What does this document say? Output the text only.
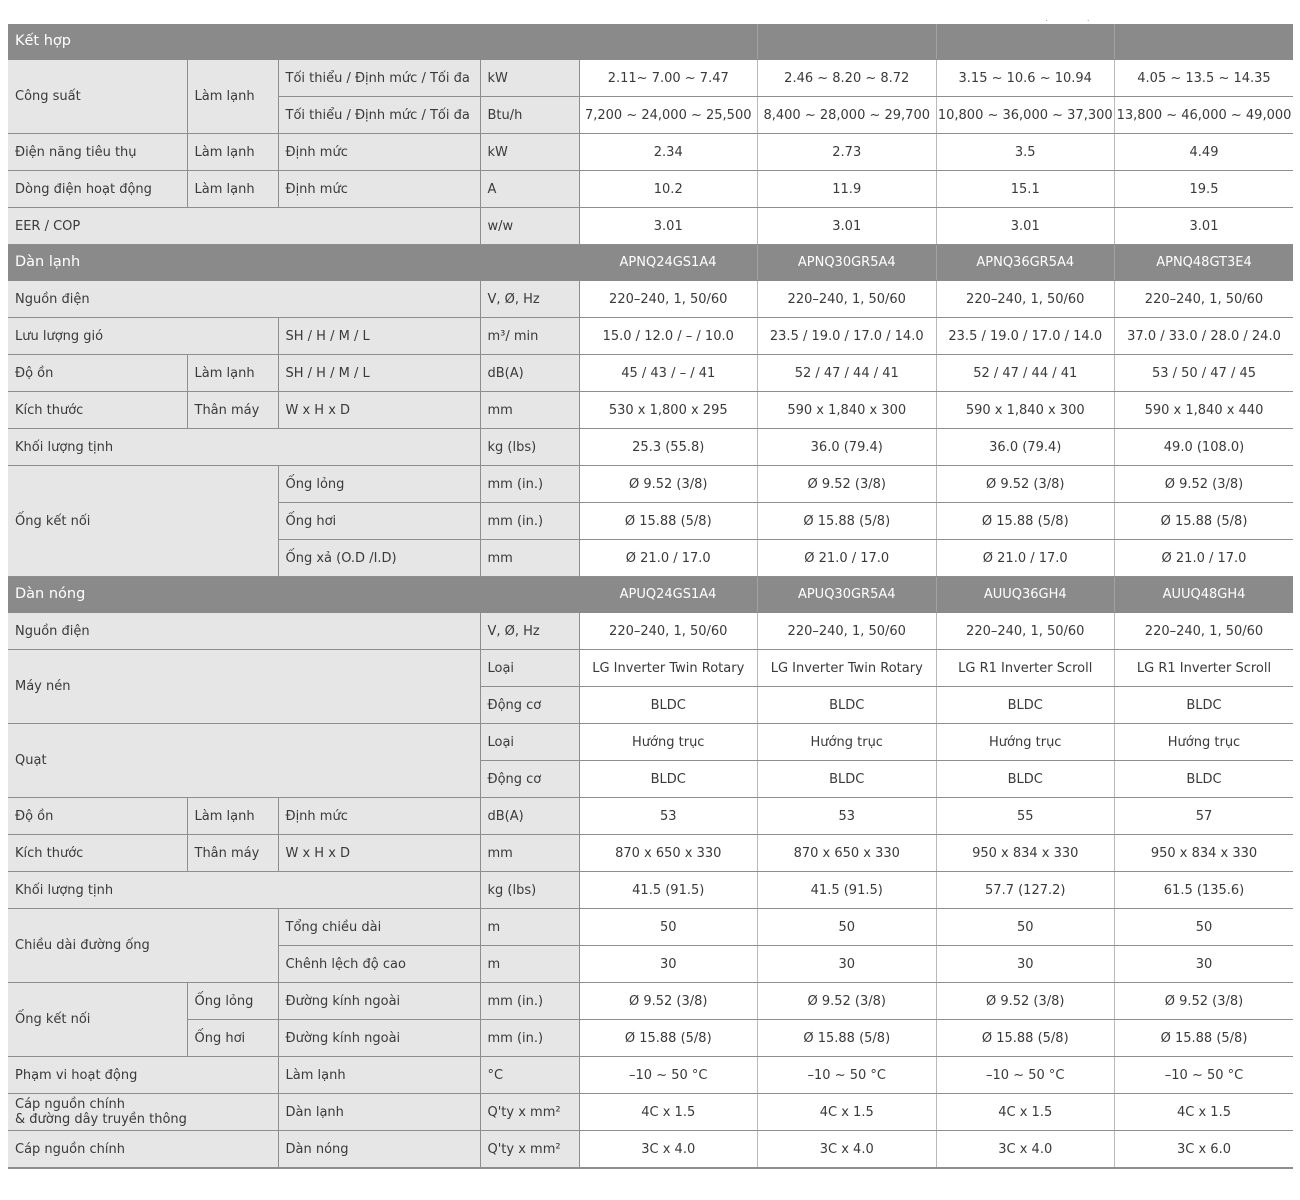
. .
Kết hợp							
Công suất	Làm lạnh	Tối thiểu / Định mức / Tối đa	kW	2.11~ 7.00 ~ 7.47	2.46 ~ 8.20 ~ 8.72	3.15 ~ 10.6 ~ 10.94	4.05 ~ 13.5 ~ 14.35
		Tối thiểu / Định mức / Tối đa	Btu/h	7,200 ~ 24,000 ~ 25,500	8,400 ~ 28,000 ~ 29,700	10,800 ~ 36,000 ~ 37,300	13,800 ~ 46,000 ~ 49,000
Điện năng tiêu thụ	Làm lạnh	Định mức	kW	2.34	2.73	3.5	4.49
Dòng điện hoạt động	Làm lạnh	Định mức	A	10.2	11.9	15.1	19.5
EER / COP			w/w	3.01	3.01	3.01	3.01
Dàn lạnh				APNQ24GS1A4	APNQ30GR5A4	APNQ36GR5A4	APNQ48GT3E4
Nguồn điện			V, Ø, Hz	220–240, 1, 50/60	220–240, 1, 50/60	220–240, 1, 50/60	220–240, 1, 50/60
Lưu lượng gió		SH / H / M / L	m³/ min	15.0 / 12.0 / – / 10.0	23.5 / 19.0 / 17.0 / 14.0	23.5 / 19.0 / 17.0 / 14.0	37.0 / 33.0 / 28.0 / 24.0
Độ ồn	Làm lạnh	SH / H / M / L	dB(A)	45 / 43 / – / 41	52 / 47 / 44 / 41	52 / 47 / 44 / 41	53 / 50 / 47 / 45
Kích thước	Thân máy	W x H x D	mm	530 x 1,800 x 295	590 x 1,840 x 300	590 x 1,840 x 300	590 x 1,840 x 440
Khối lượng tịnh			kg (lbs)	25.3 (55.8)	36.0 (79.4)	36.0 (79.4)	49.0 (108.0)
Ống kết nối		Ống lỏng	mm (in.)	Ø 9.52 (3/8)	Ø 9.52 (3/8)	Ø 9.52 (3/8)	Ø 9.52 (3/8)
		Ống hơi	mm (in.)	Ø 15.88 (5/8)	Ø 15.88 (5/8)	Ø 15.88 (5/8)	Ø 15.88 (5/8)
		Ống xả (O.D /I.D)	mm	Ø 21.0 / 17.0	Ø 21.0 / 17.0	Ø 21.0 / 17.0	Ø 21.0 / 17.0
Dàn nóng				APUQ24GS1A4	APUQ30GR5A4	AUUQ36GH4	AUUQ48GH4
Nguồn điện			V, Ø, Hz	220–240, 1, 50/60	220–240, 1, 50/60	220–240, 1, 50/60	220–240, 1, 50/60
Máy nén			Loại	LG Inverter Twin Rotary	LG Inverter Twin Rotary	LG R1 Inverter Scroll	LG R1 Inverter Scroll
			Động cơ	BLDC	BLDC	BLDC	BLDC
Quạt			Loại	Hướng trục	Hướng trục	Hướng trục	Hướng trục
			Động cơ	BLDC	BLDC	BLDC	BLDC
Độ ồn	Làm lạnh	Định mức	dB(A)	53	53	55	57
Kích thước	Thân máy	W x H x D	mm	870 x 650 x 330	870 x 650 x 330	950 x 834 x 330	950 x 834 x 330
Khối lượng tịnh			kg (lbs)	41.5 (91.5)	41.5 (91.5)	57.7 (127.2)	61.5 (135.6)
Chiều dài đường ống		Tổng chiều dài	m	50	50	50	50
		Chênh lệch độ cao	m	30	30	30	30
Ống kết nối	Ống lỏng	Đường kính ngoài	mm (in.)	Ø 9.52 (3/8)	Ø 9.52 (3/8)	Ø 9.52 (3/8)	Ø 9.52 (3/8)
	Ống hơi	Đường kính ngoài	mm (in.)	Ø 15.88 (5/8)	Ø 15.88 (5/8)	Ø 15.88 (5/8)	Ø 15.88 (5/8)
Phạm vi hoạt động		Làm lạnh	°C	–10 ~ 50 °C	–10 ~ 50 °C	–10 ~ 50 °C	–10 ~ 50 °C
Cáp nguồn chính
& đường dây truyền thông		Dàn lạnh	Q'ty x mm²	4C x 1.5	4C x 1.5	4C x 1.5	4C x 1.5
Cáp nguồn chính		Dàn nóng	Q'ty x mm²	3C x 4.0	3C x 4.0	3C x 4.0	3C x 6.0
